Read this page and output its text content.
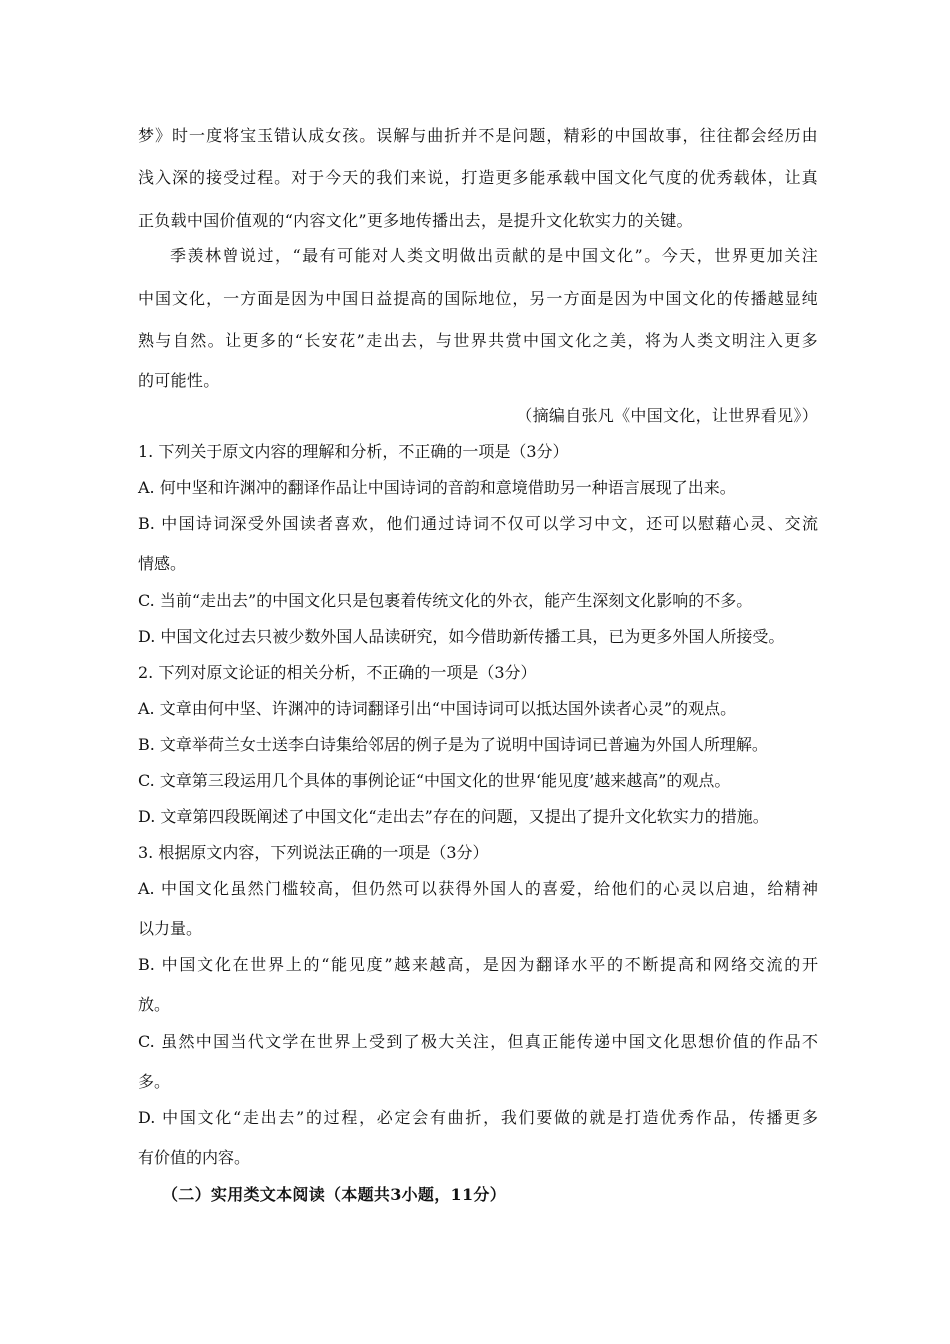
梦》时一度将宝玉错认成女孩。误解与曲折并不是问题，精彩的中国故事，往往都会经历由
浅入深的接受过程。对于今天的我们来说，打造更多能承载中国文化气度的优秀载体，让真
正负载中国价值观的“内容文化”更多地传播出去，是提升文化软实力的关键。
季羡林曾说过，“最有可能对人类文明做出贡献的是中国文化”。今天，世界更加关注
中国文化，一方面是因为中国日益提高的国际地位，另一方面是因为中国文化的传播越显纯
熟与自然。让更多的“长安花”走出去，与世界共赏中国文化之美，将为人类文明注入更多
的可能性。
（摘编自张凡《中国文化，让世界看见》）
1. 下列关于原文内容的理解和分析，不正确的一项是（3分）
A. 何中坚和许渊冲的翻译作品让中国诗词的音韵和意境借助另一种语言展现了出来。
B. 中国诗词深受外国读者喜欢，他们通过诗词不仅可以学习中文，还可以慰藉心灵、交流
情感。
C. 当前“走出去”的中国文化只是包裹着传统文化的外衣，能产生深刻文化影响的不多。
D. 中国文化过去只被少数外国人品读研究，如今借助新传播工具，已为更多外国人所接受。
2. 下列对原文论证的相关分析，不正确的一项是（3分）
A. 文章由何中坚、许渊冲的诗词翻译引出“中国诗词可以抵达国外读者心灵”的观点。
B. 文章举荷兰女士送李白诗集给邻居的例子是为了说明中国诗词已普遍为外国人所理解。
C. 文章第三段运用几个具体的事例论证“中国文化的世界‘能见度’越来越高”的观点。
D. 文章第四段既阐述了中国文化“走出去”存在的问题，又提出了提升文化软实力的措施。
3. 根据原文内容，下列说法正确的一项是（3分）
A. 中国文化虽然门槛较高，但仍然可以获得外国人的喜爱，给他们的心灵以启迪，给精神
以力量。
B. 中国文化在世界上的“能见度”越来越高，是因为翻译水平的不断提高和网络交流的开
放。
C. 虽然中国当代文学在世界上受到了极大关注，但真正能传递中国文化思想价值的作品不
多。
D. 中国文化“走出去”的过程，必定会有曲折，我们要做的就是打造优秀作品，传播更多
有价值的内容。
（二）实用类文本阅读（本题共3小题，11分）
